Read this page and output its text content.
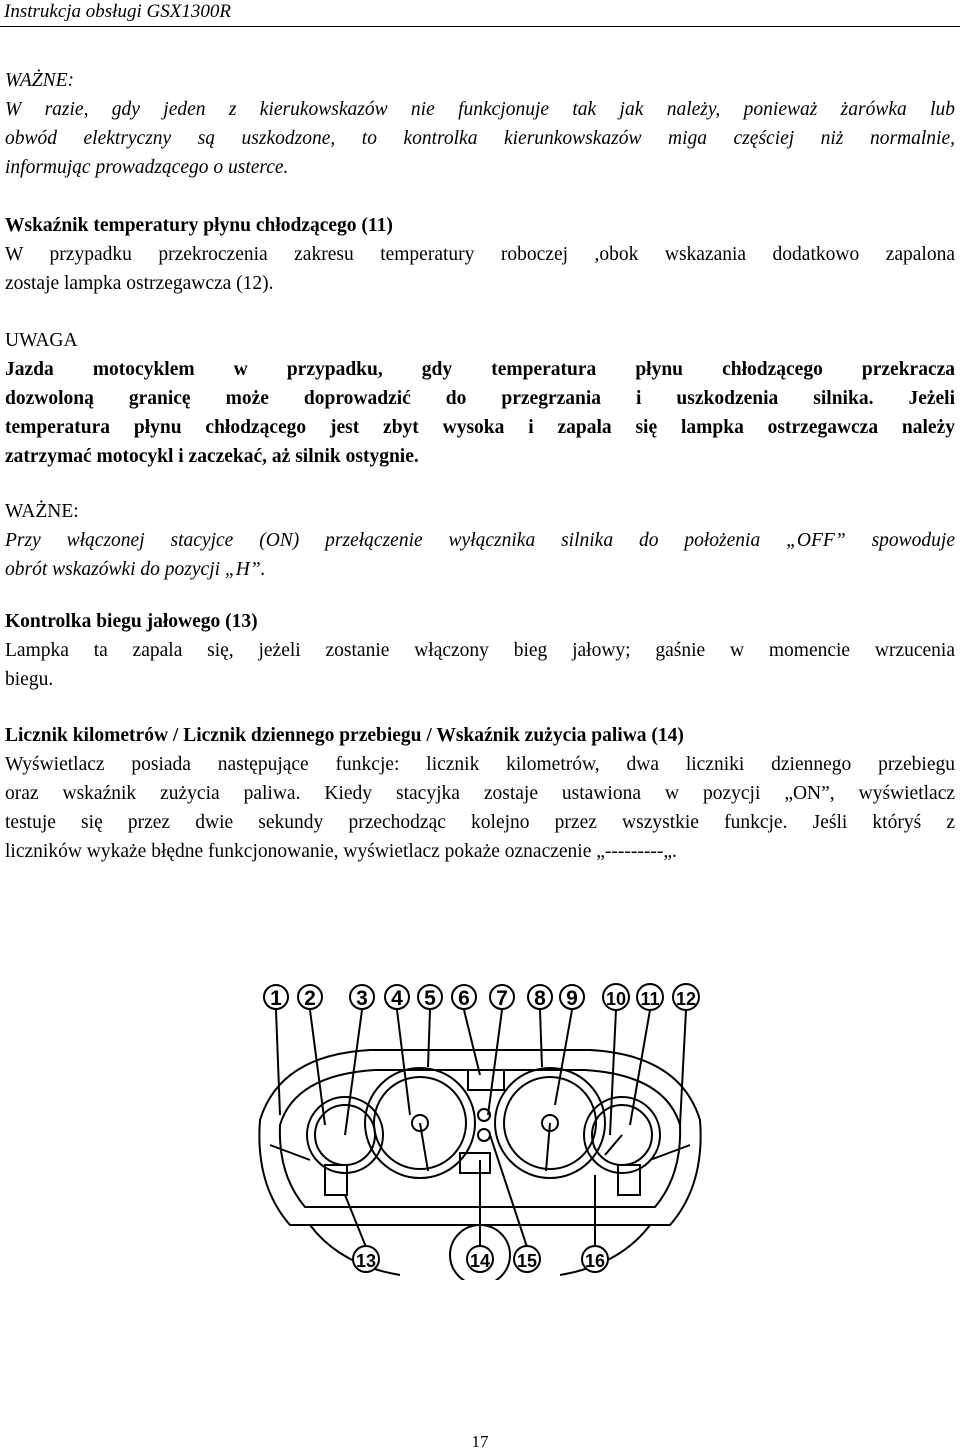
Instrukcja obsługi GSX1300R
WAŻNE:
W razie, gdy jeden z kierukowskazów nie funkcjonuje tak jak należy, ponieważ żarówka lub
obwód elektryczny są uszkodzone, to kontrolka kierunkowskazów miga częściej niż normalnie,
informując prowadzącego o usterce.
Wskaźnik temperatury płynu chłodzącego (11)
W przypadku przekroczenia zakresu temperatury roboczej ,obok wskazania dodatkowo zapalona
zostaje lampka ostrzegawcza (12).
UWAGA
Jazda motocyklem w przypadku, gdy temperatura płynu chłodzącego przekracza
dozwoloną granicę może doprowadzić do przegrzania i uszkodzenia silnika. Jeżeli
temperatura płynu chłodzącego jest zbyt wysoka i zapala się lampka ostrzegawcza należy
zatrzymać motocykl i zaczekać, aż silnik ostygnie.
WAŻNE:
Przy włączonej stacyjce (ON) przełączenie wyłącznika silnika do położenia „OFF” spowoduje
obrót wskazówki do pozycji „H”.
Kontrolka biegu jałowego (13)
Lampka ta zapala się, jeżeli zostanie włączony bieg jałowy; gaśnie w momencie wrzucenia
biegu.
Licznik kilometrów / Licznik dziennego przebiegu / Wskaźnik zużycia paliwa (14)
Wyświetlacz posiada następujące funkcje: licznik kilometrów, dwa liczniki dziennego przebiegu
oraz wskaźnik zużycia paliwa. Kiedy stacyjka zostaje ustawiona w pozycji „ON”, wyświetlacz
testuje się przez dwie sekundy przechodząc kolejno przez wszystkie funkcje. Jeśli któryś z
liczników wykaże błędne funkcjonowanie, wyświetlacz pokaże oznaczenie „---------„.
1 2 3 4 5 6 7 8 9 10 11 12
13	14 15	16
17
